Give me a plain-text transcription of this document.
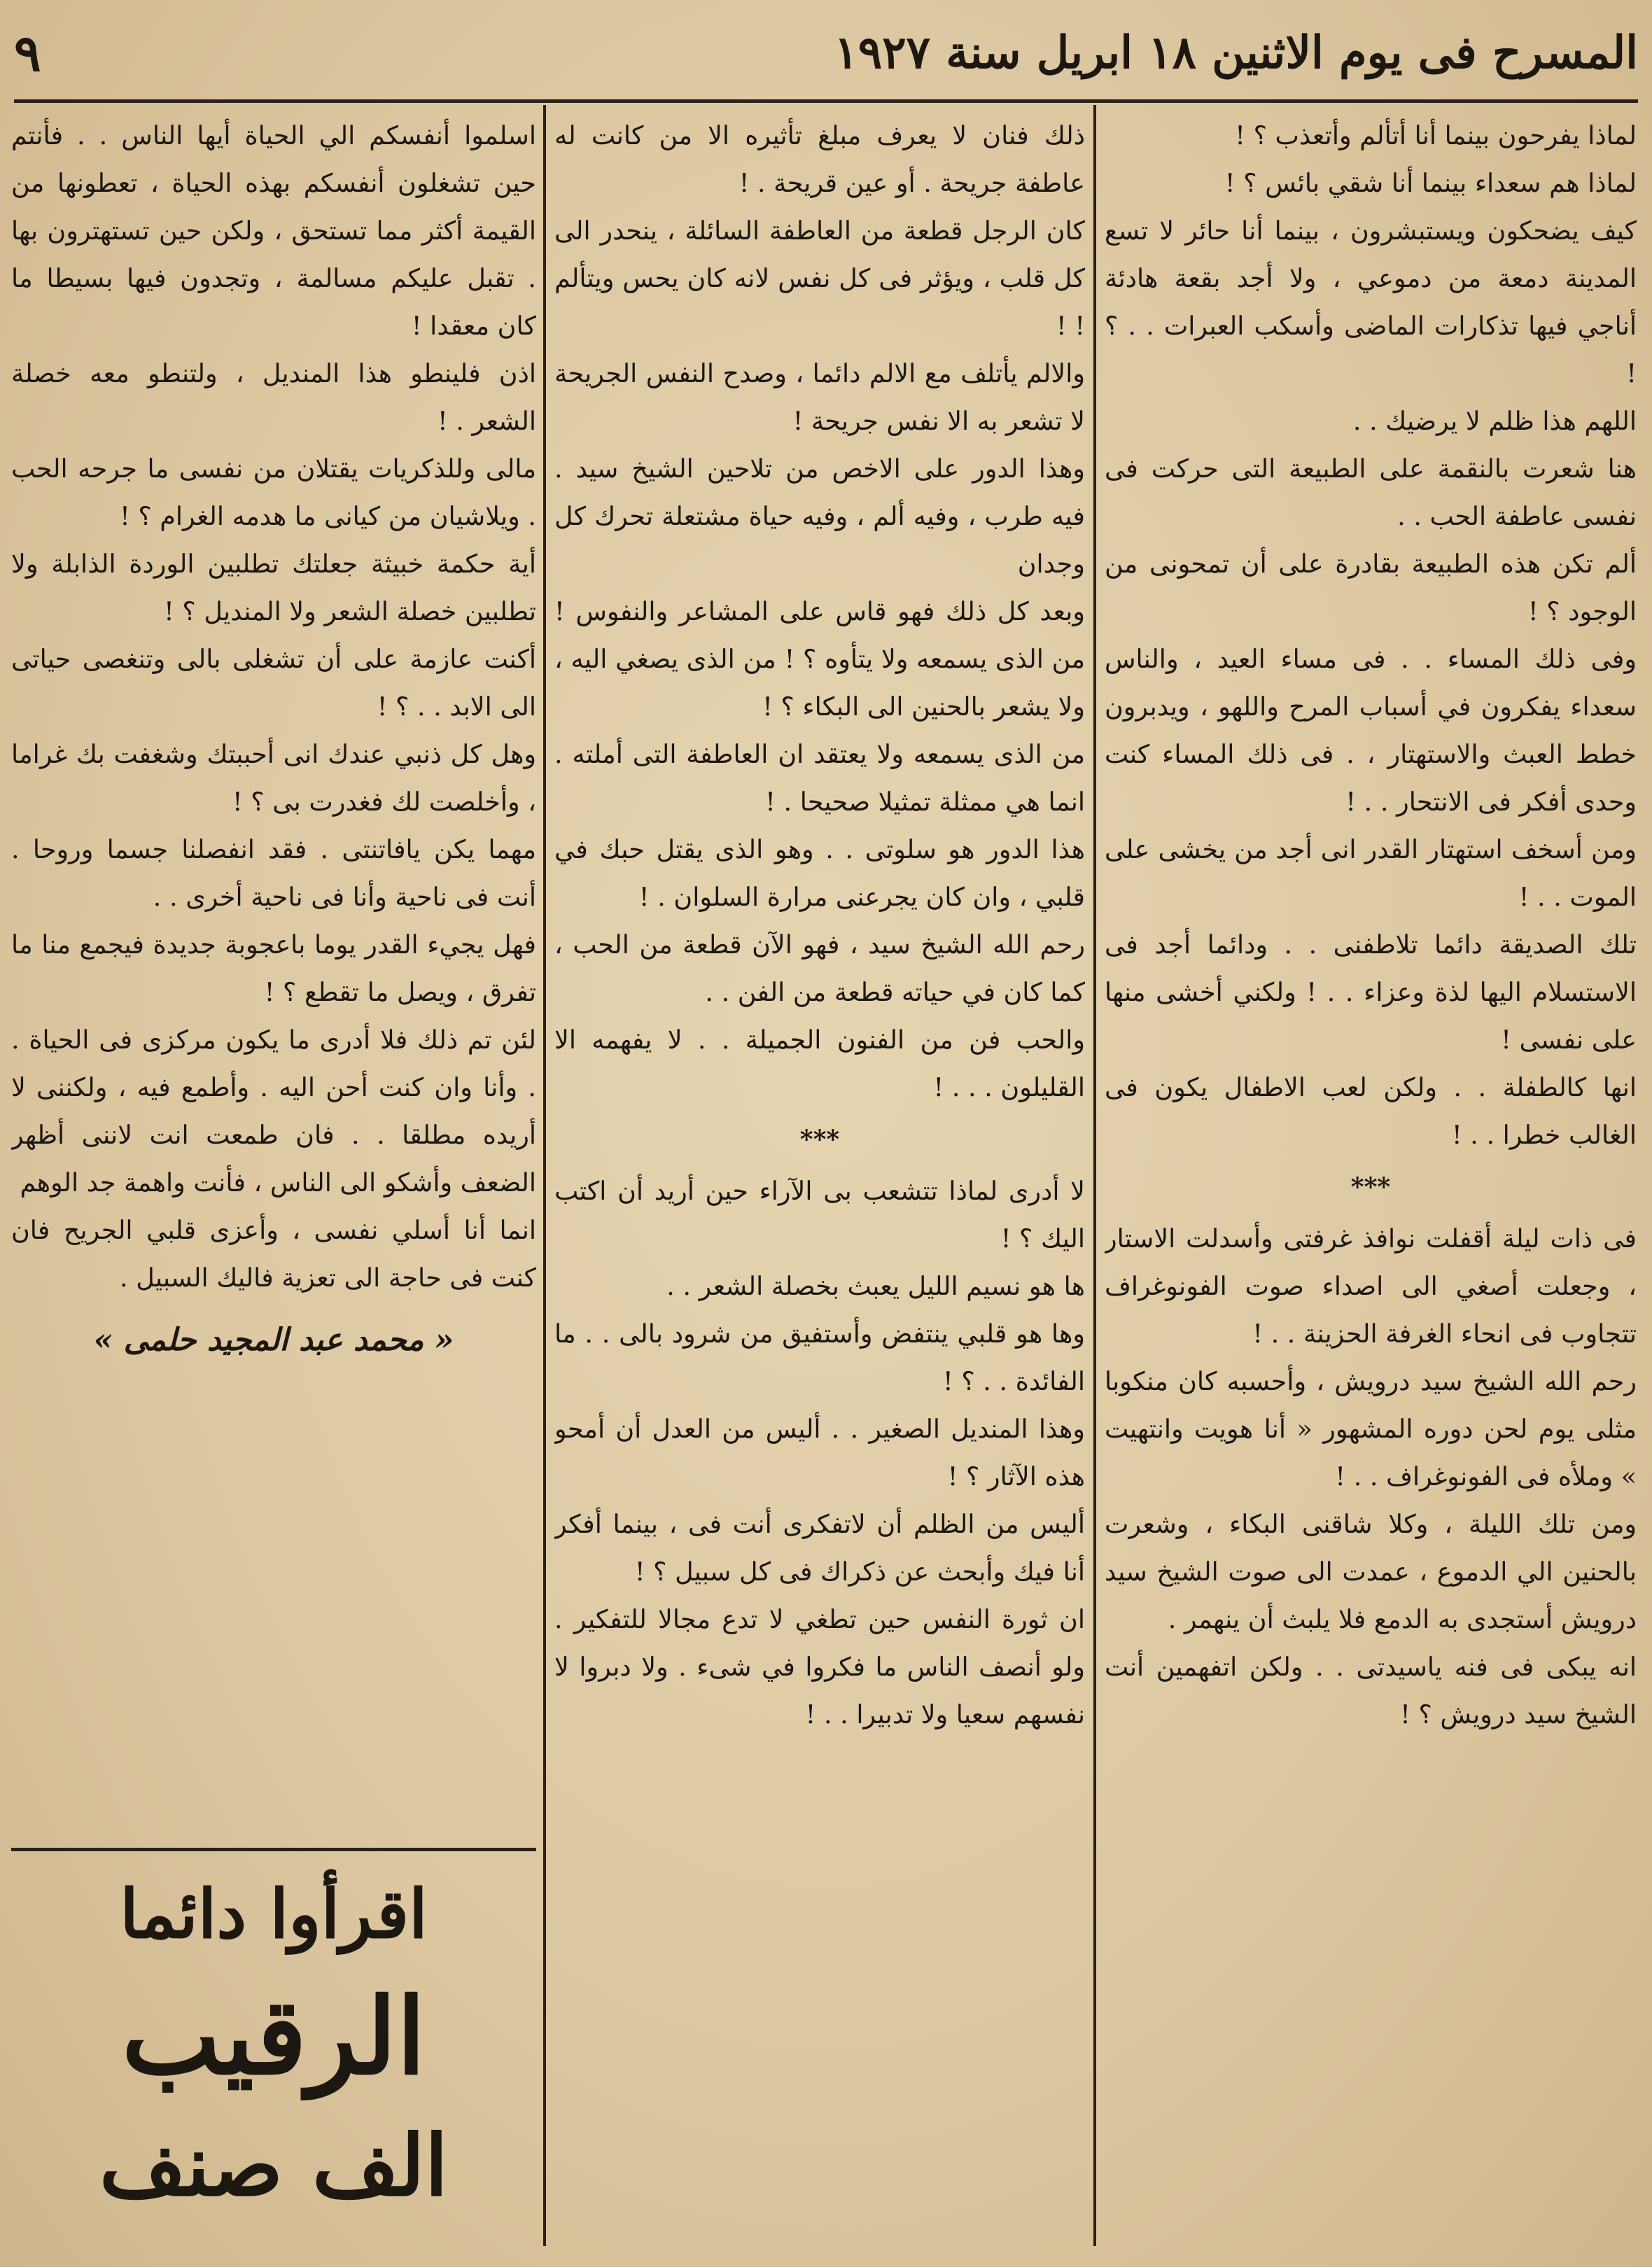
المسرح فى يوم الاثنين ١٨ ابريل سنة ١٩٢٧
٩

لماذا يفرحون بينما أنا أتألم وأتعذب ؟ !

لماذا هم سعداء بينما أنا شقي بائس ؟ !

كيف يضحكون ويستبشرون ، بينما أنا حائر لا تسع المدينة دمعة من دموعي ، ولا أجد بقعة هادئة أناجي فيها تذكارات الماضى وأسكب العبرات . . ؟ !

اللهم هذا ظلم لا يرضيك . .

هنا شعرت بالنقمة على الطبيعة التى حركت فى نفسى عاطفة الحب . .

ألم تكن هذه الطبيعة بقادرة على أن تمحونى من الوجود ؟ !

وفى ذلك المساء . . فى مساء العيد ، والناس سعداء يفكرون في أسباب المرح واللهو ، ويدبرون خطط العبث والاستهتار ، . فى ذلك المساء كنت وحدى أفكر فى الانتحار . . !

ومن أسخف استهتار القدر انى أجد من يخشى على الموت . . !

تلك الصديقة دائما تلاطفنى . . ودائما أجد فى الاستسلام اليها لذة وعزاء . . ! ولكني أخشى منها على نفسى !

انها كالطفلة . . ولكن لعب الاطفال يكون فى الغالب خطرا . . !

***

فى ذات ليلة أقفلت نوافذ غرفتى وأسدلت الاستار ، وجعلت أصغي الى اصداء صوت الفونوغراف تتجاوب فى انحاء الغرفة الحزينة . . !

رحم الله الشيخ سيد درويش ، وأحسبه كان منكوبا مثلى يوم لحن دوره المشهور « أنا هويت وانتهيت » وملأه فى الفونوغراف . . !

ومن تلك الليلة ، وكلا شاقنى البكاء ، وشعرت بالحنين الي الدموع ، عمدت الى صوت الشيخ سيد درويش أستجدى به الدمع فلا يلبث أن ينهمر .

انه يبكى فى فنه ياسيدتى . . ولكن اتفهمين أنت الشيخ سيد درويش ؟ !

ذلك فنان لا يعرف مبلغ تأثيره الا من كانت له عاطفة جريحة . أو عين قريحة . !

كان الرجل قطعة من العاطفة السائلة ، ينحدر الى كل قلب ، ويؤثر فى كل نفس لانه كان يحس ويتألم ! !

والالم يأتلف مع الالم دائما ، وصدح النفس الجريحة لا تشعر به الا نفس جريحة !

وهذا الدور على الاخص من تلاحين الشيخ سيد . فيه طرب ، وفيه ألم ، وفيه حياة مشتعلة تحرك كل وجدان

وبعد كل ذلك فهو قاس على المشاعر والنفوس ! من الذى يسمعه ولا يتأوه ؟ ! من الذى يصغي اليه ، ولا يشعر بالحنين الى البكاء ؟ !

من الذى يسمعه ولا يعتقد ان العاطفة التى أملته . انما هي ممثلة تمثيلا صحيحا . !

هذا الدور هو سلوتى . . وهو الذى يقتل حبك في قلبي ، وان كان يجرعنى مرارة السلوان . !

رحم الله الشيخ سيد ، فهو الآن قطعة من الحب ، كما كان في حياته قطعة من الفن . .

والحب فن من الفنون الجميلة . . لا يفهمه الا القليلون . . . !

***

لا أدرى لماذا تتشعب بى الآراء حين أريد أن اكتب اليك ؟ !

ها هو نسيم الليل يعبث بخصلة الشعر . .

وها هو قلبي ينتفض وأستفيق من شرود بالى . . ما الفائدة . . ؟ !

وهذا المنديل الصغير . . أليس من العدل أن أمحو هذه الآثار ؟ !

أليس من الظلم أن لاتفكرى أنت فى ، بينما أفكر أنا فيك وأبحث عن ذكراك فى كل سبيل ؟ !

ان ثورة النفس حين تطغي لا تدع مجالا للتفكير . ولو أنصف الناس ما فكروا في شىء . ولا دبروا لا نفسهم سعيا ولا تدبيرا . . !

اسلموا أنفسكم الي الحياة أيها الناس . . فأنتم حين تشغلون أنفسكم بهذه الحياة ، تعطونها من القيمة أكثر مما تستحق ، ولكن حين تستهترون بها . تقبل عليكم مسالمة ، وتجدون فيها بسيطا ما كان معقدا !

اذن فلينطو هذا المنديل ، ولتنطو معه خصلة الشعر . !

مالى وللذكريات يقتلان من نفسى ما جرحه الحب . ويلاشيان من كيانى ما هدمه الغرام ؟ !

أية حكمة خبيثة جعلتك تطلبين الوردة الذابلة ولا تطلبين خصلة الشعر ولا المنديل ؟ !

أكنت عازمة على أن تشغلى بالى وتنغصى حياتى الى الابد . . ؟ !

وهل كل ذنبي عندك انى أحببتك وشغفت بك غراما ، وأخلصت لك فغدرت بى ؟ !

مهما يكن يافاتنتى . فقد انفصلنا جسما وروحا . أنت فى ناحية وأنا فى ناحية أخرى . .

فهل يجيء القدر يوما باعجوبة جديدة فيجمع منا ما تفرق ، ويصل ما تقطع ؟ !

لئن تم ذلك فلا أدرى ما يكون مركزى فى الحياة . . وأنا وان كنت أحن اليه . وأطمع فيه ، ولكننى لا أريده مطلقا . . فان طمعت انت لاننى أظهر الضعف وأشكو الى الناس ، فأنت واهمة جد الوهم

انما أنا أسلي نفسى ، وأعزى قلبي الجريح فان كنت فى حاجة الى تعزية فاليك السبيل .

« محمد عبد المجيد حلمى »
اقرأوا دائما
الرقيب
الف صنف
